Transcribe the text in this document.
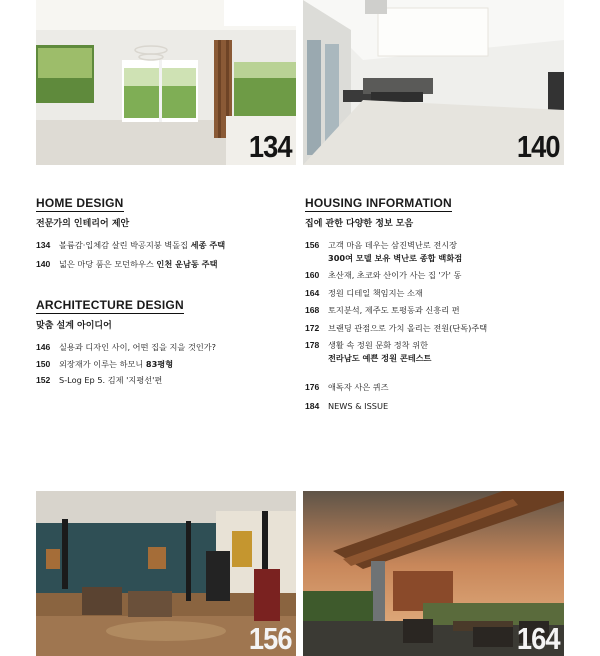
134	140
HOME DESIGN
전문가의 인테리어 제안
134	볼륨감·입체감 살린 박공지붕 벽돌집 세종 주택
140	넓은 마당 품은 모던하우스 인천 운남동 주택
ARCHITECTURE DESIGN
맞춤 설계 아이디어
146	실용과 디자인 사이, 어떤 집을 지을 것인가?
150	외장재가 이루는 하모니 83평형
152	S-Log Ep 5. 김제 '지평선'편
HOUSING INFORMATION
집에 관한 다양한 정보 모음
156	고객 마음 데우는 삼진벽난로 전시장
300여 모델 보유 벽난로 종합 백화점
160	초산재, 초코와 산이가 사는 집 '가' 동
164	정원 디테일 책임지는 소재
168	토지분석, 제주도 토평동과 신흥리 편
172	브랜딩 관점으로 가치 올리는 전원(단독)주택
178	생활 속 정원 문화 정착 위한
전라남도 예쁜 정원 콘테스트
176	애독자 사은 퀴즈
184	NEWS & ISSUE
156	164
